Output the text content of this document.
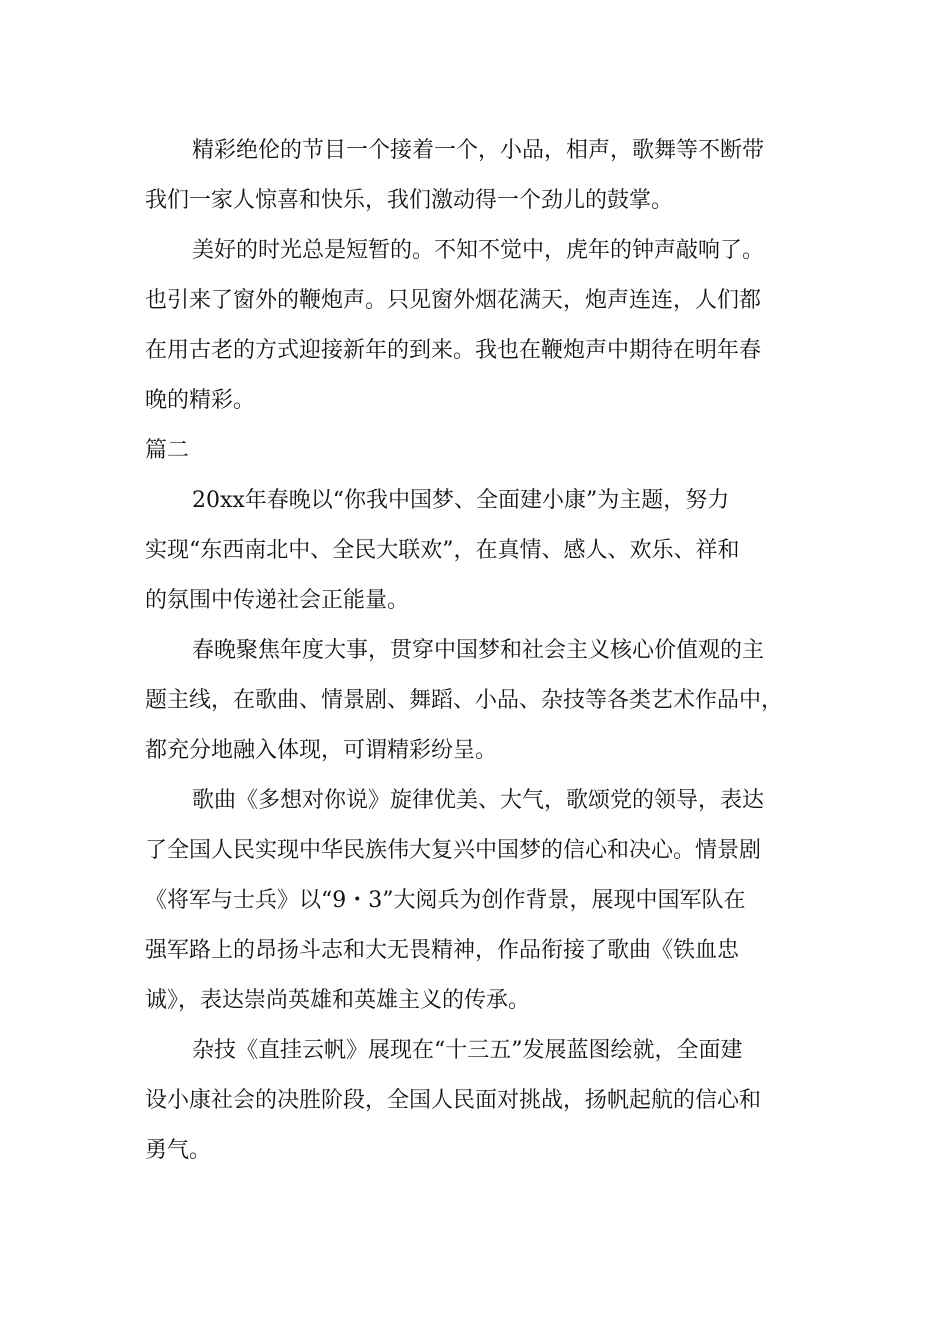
精彩绝伦的节目一个接着一个，小品，相声，歌舞等不断带

我们一家人惊喜和快乐，我们激动得一个劲儿的鼓掌。

美好的时光总是短暂的。不知不觉中，虎年的钟声敲响了。

也引来了窗外的鞭炮声。只见窗外烟花满天，炮声连连，人们都

在用古老的方式迎接新年的到来。我也在鞭炮声中期待在明年春

晚的精彩。

篇二

20xx年春晚以“你我中国梦、全面建小康”为主题，努力

实现“东西南北中、全民大联欢”，在真情、感人、欢乐、祥和

的氛围中传递社会正能量。

春晚聚焦年度大事，贯穿中国梦和社会主义核心价值观的主

题主线，在歌曲、情景剧、舞蹈、小品、杂技等各类艺术作品中，

都充分地融入体现，可谓精彩纷呈。

歌曲《多想对你说》旋律优美、大气，歌颂党的领导，表达

了全国人民实现中华民族伟大复兴中国梦的信心和决心。情景剧

《将军与士兵》以“9・3”大阅兵为创作背景，展现中国军队在

强军路上的昂扬斗志和大无畏精神，作品衔接了歌曲《铁血忠

诚》，表达崇尚英雄和英雄主义的传承。

杂技《直挂云帆》展现在“十三五”发展蓝图绘就，全面建

设小康社会的决胜阶段，全国人民面对挑战，扬帆起航的信心和

勇气。
